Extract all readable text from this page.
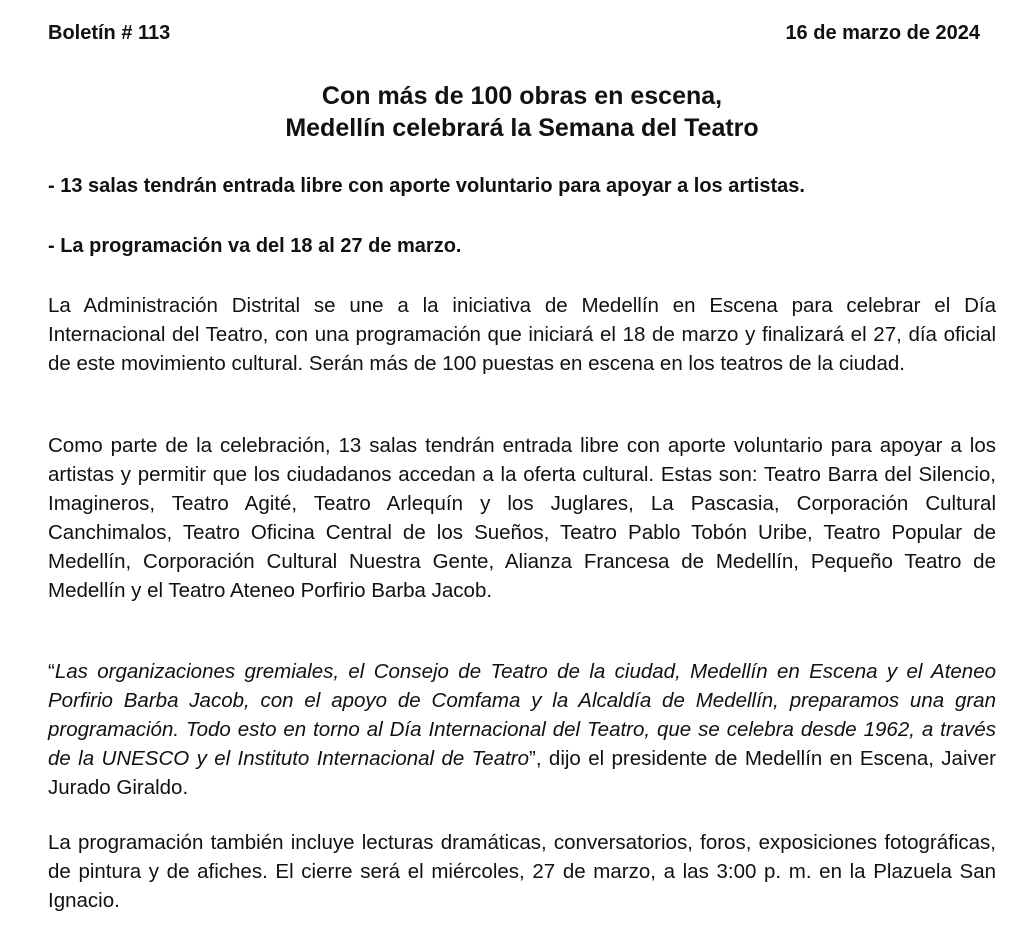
Boletín # 113	16 de marzo de 2024
Con más de 100 obras en escena,
Medellín celebrará la Semana del Teatro
- 13 salas tendrán entrada libre con aporte voluntario para apoyar a los artistas.
- La programación va del 18 al 27 de marzo.

La Administración Distrital se une a la iniciativa de Medellín en Escena para celebrar el Día Internacional del Teatro, con una programación que iniciará el 18 de marzo y finalizará el 27, día oficial de este movimiento cultural. Serán más de 100 puestas en escena en los teatros de la ciudad.

Como parte de la celebración, 13 salas tendrán entrada libre con aporte voluntario para apoyar a los artistas y permitir que los ciudadanos accedan a la oferta cultural. Estas son: Teatro Barra del Silencio, Imagineros, Teatro Agité, Teatro Arlequín y los Juglares, La Pascasia, Corporación Cultural Canchimalos, Teatro Oficina Central de los Sueños, Teatro Pablo Tobón Uribe, Teatro Popular de Medellín, Corporación Cultural Nuestra Gente, Alianza Francesa de Medellín, Pequeño Teatro de Medellín y el Teatro Ateneo Porfirio Barba Jacob.

“Las organizaciones gremiales, el Consejo de Teatro de la ciudad, Medellín en Escena y el Ateneo Porfirio Barba Jacob, con el apoyo de Comfama y la Alcaldía de Medellín, preparamos una gran programación. Todo esto en torno al Día Internacional del Teatro, que se celebra desde 1962, a través de la UNESCO y el Instituto Internacional de Teatro”, dijo el presidente de Medellín en Escena, Jaiver Jurado Giraldo.

La programación también incluye lecturas dramáticas, conversatorios, foros, exposiciones fotográficas, de pintura y de afiches. El cierre será el miércoles, 27 de marzo, a las 3:00 p. m. en la Plazuela San Ignacio.
